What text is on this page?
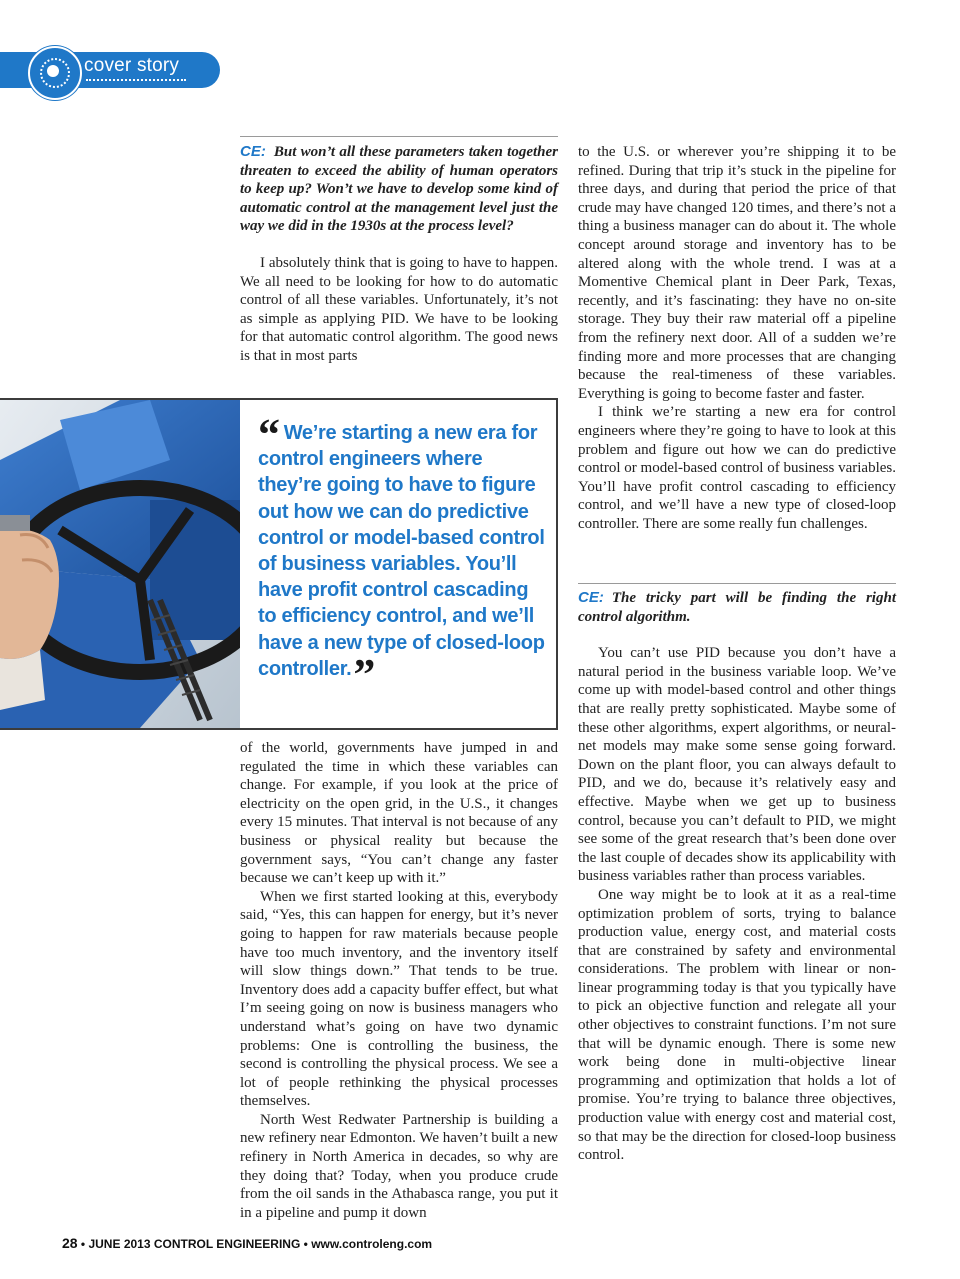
cover story
CE: But won’t all these parameters taken together threaten to exceed the ability of human operators to keep up? Won’t we have to develop some kind of automatic control at the management level just the way we did in the 1930s at the process level?

I absolutely think that is going to have to happen. We all need to be looking for how to do automatic control of all these variables. Unfortunately, it’s not as simple as applying PID. We have to be looking for that automatic control algorithm. The good news is that in most parts

“ We’re starting a new era for control engineers where they’re going to have to figure out how we can do predictive control or model-based control of business variables. You’ll have profit control cascading to efficiency control, and we’ll have a new type of closed-loop controller.”

of the world, governments have jumped in and regulated the time in which these variables can change. For example, if you look at the price of electricity on the open grid, in the U.S., it changes every 15 minutes. That interval is not because of any business or physical reality but because the government says, “You can’t change any faster because we can’t keep up with it.”

When we first started looking at this, everybody said, “Yes, this can happen for energy, but it’s never going to happen for raw materials because people have too much inventory, and the inventory itself will slow things down.” That tends to be true. Inventory does add a capacity buffer effect, but what I’m seeing going on now is business managers who understand what’s going on have two dynamic problems: One is controlling the business, the second is controlling the physical process. We see a lot of people rethinking the physical processes themselves.

North West Redwater Partnership is building a new refinery near Edmonton. We haven’t built a new refinery in North America in decades, so why are they doing that? Today, when you produce crude from the oil sands in the Athabasca range, you put it in a pipeline and pump it down

to the U.S. or wherever you’re shipping it to be refined. During that trip it’s stuck in the pipeline for three days, and during that period the price of that crude may have changed 120 times, and there’s not a thing a business manager can do about it. The whole concept around storage and inventory has to be altered along with the whole trend. I was at a Momentive Chemical plant in Deer Park, Texas, recently, and it’s fascinating: they have no on-site storage. They buy their raw material off a pipeline from the refinery next door. All of a sudden we’re finding more and more processes that are changing because the real-timeness of these variables. Everything is going to become faster and faster.

I think we’re starting a new era for control engineers where they’re going to have to look at this problem and figure out how we can do predictive control or model-based control of business variables. You’ll have profit control cascading to efficiency control, and we’ll have a new type of closed-loop controller. There are some really fun challenges.

CE: The tricky part will be finding the right control algorithm.

You can’t use PID because you don’t have a natural period in the business variable loop. We’ve come up with model-based control and other things that are really pretty sophisticated. Maybe some of these other algorithms, expert algorithms, or neural-net models may make some sense going forward. Down on the plant floor, you can always default to PID, and we do, because it’s relatively easy and effective. Maybe when we get up to business control, because you can’t default to PID, we might see some of the great research that’s been done over the last couple of decades show its applicability with business variables rather than process variables.

One way might be to look at it as a real-time optimization problem of sorts, trying to balance production value, energy cost, and material costs that are constrained by safety and environmental considerations. The problem with linear or non-linear programming today is that you typically have to pick an objective function and relegate all your other objectives to constraint functions. I’m not sure that will be dynamic enough. There is some new work being done in multi-objective linear programming and optimization that holds a lot of promise. You’re trying to balance three objectives, production value with energy cost and material cost, so that may be the direction for closed-loop business control.

28 • JUNE 2013 CONTROL ENGINEERING • www.controleng.com
